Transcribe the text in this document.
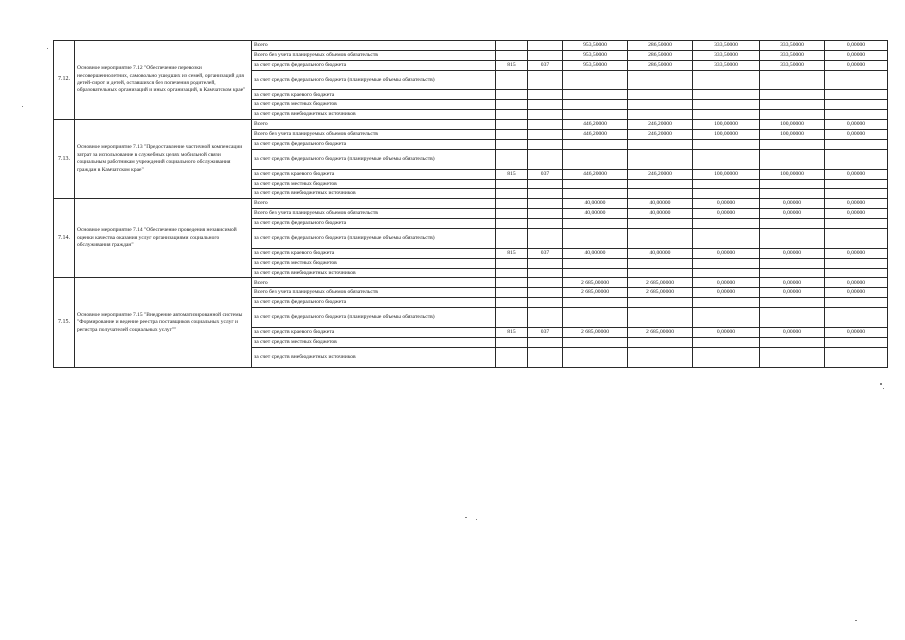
7.12.	Основное мероприятие 7.12 "Обеспечение перевозки несовершеннолетних, самовольно ушедших из семей, организаций для детей-сирот и детей, оставшихся без попечения родителей, образовательных организаций и иных организаций, в Камчатском крае"	Всего			953,50000	286,50000	333,50000	333,50000	0,00000
		Всего без учета планируемых объемов обязательств			953,50000	286,50000	333,50000	333,50000	0,00000
		за счет средств федерального бюджета	815	037	953,50000	286,50000	333,50000	333,50000	0,00000
		за счет средств федерального бюджета (планируемые объемы обязательств)							
		за счет средств краевого бюджета							
		за счет средств местных бюджетов							
		за счет средств внебюджетных источников							
7.13.	Основное мероприятие 7.13 "Предоставление частичной компенсации затрат за использование в служебных целях мобильной связи социальным работникам учреждений социального обслуживания граждан в Камчатском крае"	Всего			446,20000	246,20000	100,00000	100,00000	0,00000
		Всего без учета планируемых объемов обязательств			446,20000	246,20000	100,00000	100,00000	0,00000
		за счет средств федерального бюджета							
		за счет средств федерального бюджета (планируемые объемы обязательств)							
		за счет средств краевого бюджета	815	037	446,20000	246,20000	100,00000	100,00000	0,00000
		за счет средств местных бюджетов							
		за счет средств внебюджетных источников							
7.14.	Основное мероприятие 7.14 "Обеспечение проведения независимой оценки качества оказания услуг организациями социального обслуживания граждан"	Всего			40,00000	40,00000	0,00000	0,00000	0,00000
		Всего без учета планируемых объемов обязательств			40,00000	40,00000	0,00000	0,00000	0,00000
		за счет средств федерального бюджета							
		за счет средств федерального бюджета (планируемые объемы обязательств)							
		за счет средств краевого бюджета	815	037	40,00000	40,00000	0,00000	0,00000	0,00000
		за счет средств местных бюджетов							
		за счет средств внебюджетных источников							
7.15.	Основное мероприятие 7.15 "Внедрение автоматизированной системы "Формирование и ведение реестра поставщиков социальных услуг и регистра получателей социальных услуг""	Всего			2 685,00000	2 685,00000	0,00000	0,00000	0,00000
		Всего без учета планируемых объемов обязательств			2 685,00000	2 685,00000	0,00000	0,00000	0,00000
		за счет средств федерального бюджета							
		за счет средств федерального бюджета (планируемые объемы обязательств)							
		за счет средств краевого бюджета	815	037	2 685,00000	2 685,00000	0,00000	0,00000	0,00000
		за счет средств местных бюджетов							
		за счет средств внебюджетных источников							
